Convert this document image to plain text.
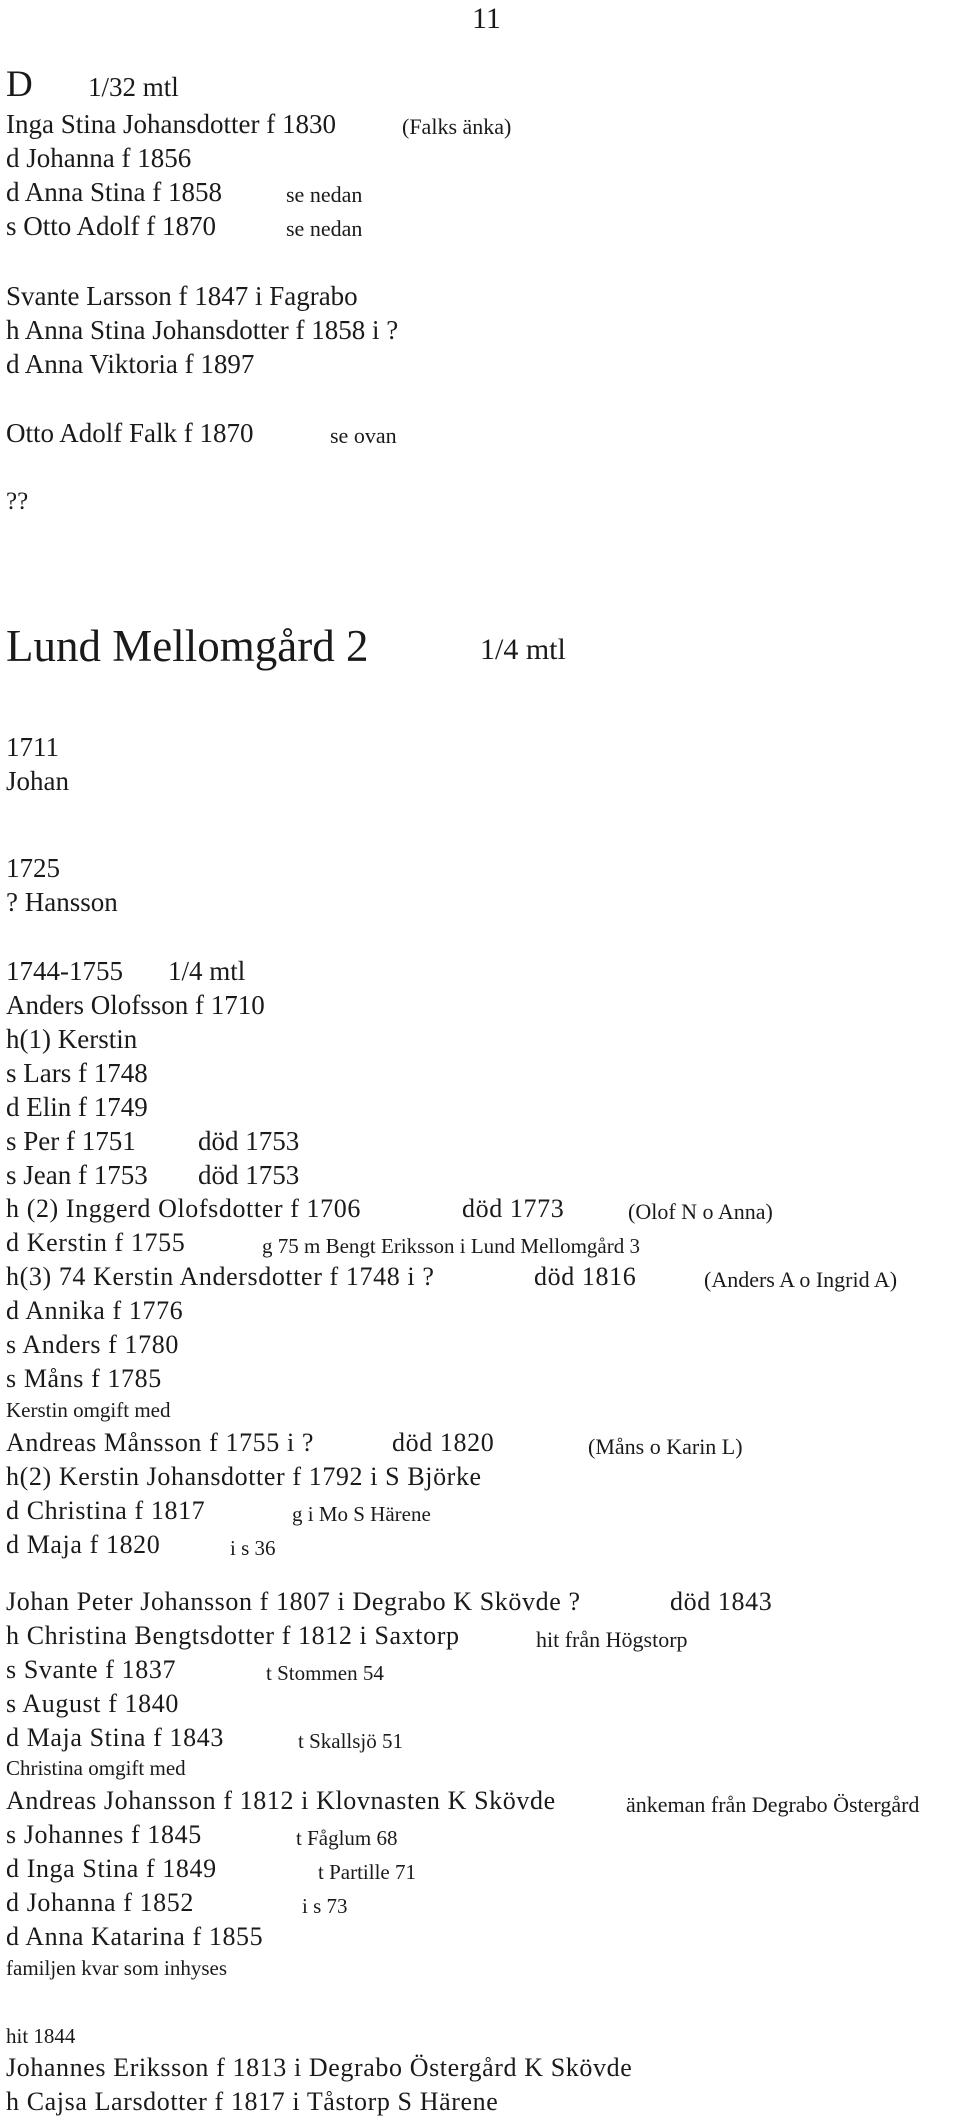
11
D 1/32 mtl
Inga Stina Johansdotter f 1830	(Falks änka)
d Johanna f 1856
d Anna Stina f 1858	se nedan
s Otto Adolf f 1870	se nedan
Svante Larsson f 1847 i Fagrabo
h Anna Stina Johansdotter f 1858 i ?
d Anna Viktoria f 1897
Otto Adolf Falk f 1870	se ovan
??
Lund Mellomgård 2	1/4 mtl
1711
Johan
1725
? Hansson
1744-1755 1/4 mtl
Anders Olofsson f 1710
h(1) Kerstin
s Lars f 1748
d Elin f 1749
s Per f 1751 död 1753
s Jean f 1753 död 1753
h (2) Inggerd Olofsdotter f 1706	död 1773	(Olof N o Anna)
d Kerstin f 1755	g 75 m Bengt Eriksson i Lund Mellomgård 3
h(3) 74 Kerstin Andersdotter f 1748 i ?	död 1816	(Anders A o Ingrid A)
d Annika f 1776
s Anders f 1780
s Måns f 1785
Kerstin omgift med
Andreas Månsson f 1755 i ?	död 1820	(Måns o Karin L)
h(2) Kerstin Johansdotter f 1792 i S Björke
d Christina f 1817	g i Mo S Härene
d Maja f 1820	i s 36
Johan Peter Johansson f 1807 i Degrabo K Skövde ?	död 1843
h Christina Bengtsdotter f 1812 i Saxtorp	hit från Högstorp
s Svante f 1837	t Stommen 54
s August f 1840
d Maja Stina f 1843	t Skallsjö 51
Christina omgift med
Andreas Johansson f 1812 i Klovnasten K Skövde	änkeman från Degrabo Östergård
s Johannes f 1845	t Fåglum 68
d Inga Stina f 1849	t Partille 71
d Johanna f 1852	i s 73
d Anna Katarina f 1855
familjen kvar som inhyses
hit 1844
Johannes Eriksson f 1813 i Degrabo Östergård K Skövde
h Cajsa Larsdotter f 1817 i Tåstorp S Härene
